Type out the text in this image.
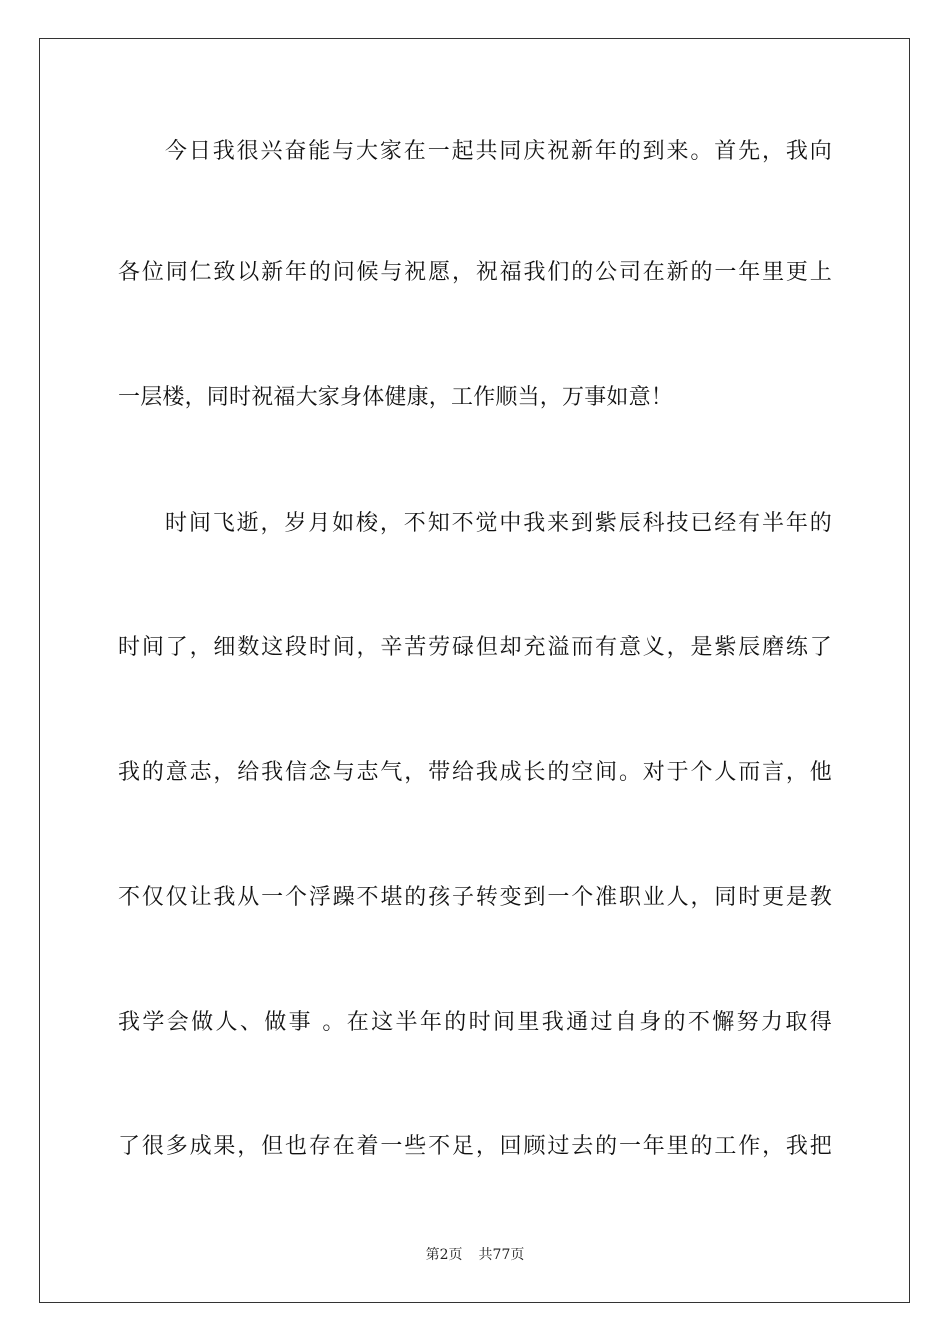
今日我很兴奋能与大家在一起共同庆祝新年的到来。首先，我向
各位同仁致以新年的问候与祝愿，祝福我们的公司在新的一年里更上
一层楼，同时祝福大家身体健康，工作顺当，万事如意！
时间飞逝，岁月如梭，不知不觉中我来到紫辰科技已经有半年的
时间了，细数这段时间，辛苦劳碌但却充溢而有意义，是紫辰磨练了
我的意志，给我信念与志气，带给我成长的空间。对于个人而言，他
不仅仅让我从一个浮躁不堪的孩子转变到一个准职业人，同时更是教
我学会做人、做事 。在这半年的时间里我通过自身的不懈努力取得
了很多成果，但也存在着一些不足，回顾过去的一年里的工作，我把
第2页 共77页
